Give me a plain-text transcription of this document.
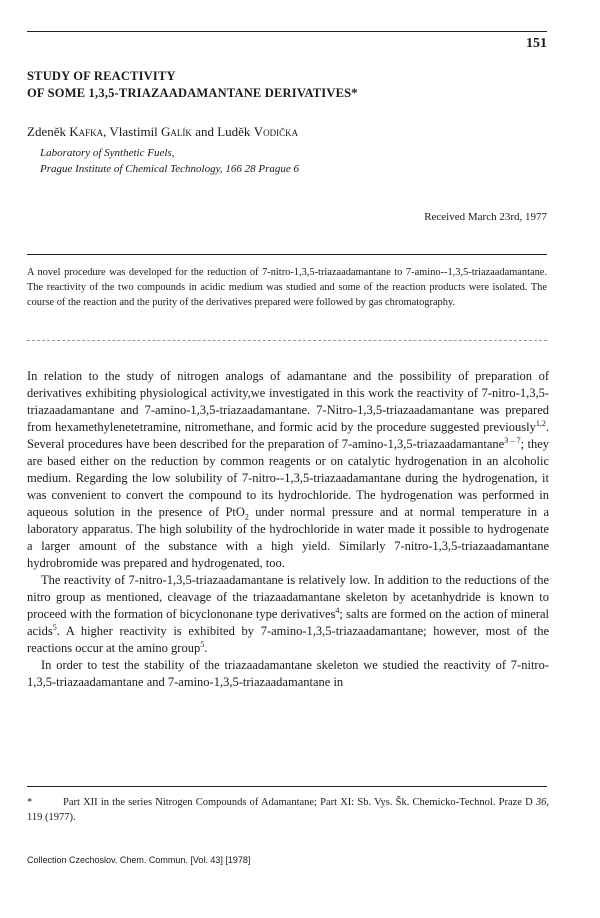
151
STUDY OF REACTIVITY
OF SOME 1,3,5-TRIAZAADAMANTANE DERIVATIVES*
Zdeněk Kafka, Vlastimil Galík and Luděk Vodička
Laboratory of Synthetic Fuels,
Prague Institute of Chemical Technology, 166 28 Prague 6
Received March 23rd, 1977

A novel procedure was developed for the reduction of 7-nitro-1,3,5-triazaadamantane to 7-amino--1,3,5-triazaadamantane. The reactivity of the two compounds in acidic medium was studied and some of the reaction products were isolated. The course of the reaction and the purity of the derivatives prepared were followed by gas chromatography.

In relation to the study of nitrogen analogs of adamantane and the possibility of preparation of derivatives exhibiting physiological activity,we investigated in this work the reactivity of 7-nitro-1,3,5-triazaadamantane and 7-amino-1,3,5-triazaadamantane. 7-Nitro-1,3,5-triazaadamantane was prepared from hexamethylenetetramine, nitromethane, and formic acid by the procedure suggested previously$^{1,2}$. Several procedures have been described for the preparation of 7-amino-1,3,5-triazaadamantane$^{3 - 7}$; they are based either on the reduction by common reagents or on catalytic hydrogenation in an alcoholic medium. Regarding the low solubility of 7-nitro--1,3,5-triazaadamantane during the hydrogenation, it was convenient to convert the compound to its hydrochloride. The hydrogenation was performed in aqueous solution in the presence of PtO$_2$ under normal pressure and at normal temperature in a laboratory apparatus. The high solubility of the hydrochloride in water made it possible to hydrogenate a larger amount of the substance with a high yield. Similarly 7-nitro-1,3,5-triazaadamantane hydrobromide was prepared and hydrogenated, too.

The reactivity of 7-nitro-1,3,5-triazaadamantane is relatively low. In addition to the reductions of the nitro group as mentioned, cleavage of the triazaadamantane skeleton by acetanhydride is known to proceed with the formation of bicyclononane type derivatives$^4$; salts are formed on the action of mineral acids$^5$. A higher reactivity is exhibited by 7-amino-1,3,5-triazaadamantane; however, most of the reactions occur at the amino group$^5$.

In order to test the stability of the triazaadamantane skeleton we studied the reactivity of 7-nitro-1,3,5-triazaadamantane and 7-amino-1,3,5-triazaadamantane in

*	Part XII in the series Nitrogen Compounds of Adamantane; Part XI: Sb. Vys. Šk. Chemicko-Technol. Praze D 36, 119 (1977).
Collection Czechoslov. Chem. Commun. [Vol. 43] [1978]
